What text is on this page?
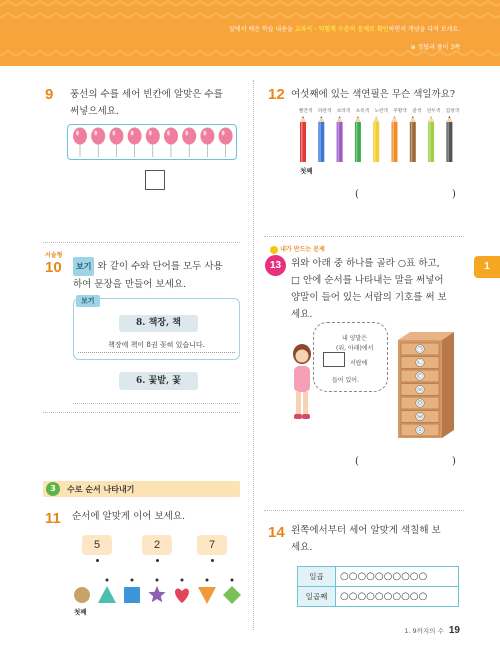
앞에서 배운 학습 내용을 교과서 · 익힘책 수준의 문제로 확인하면서 개념을 다져 보세요.
⊕ 정답과 풀이 3쪽
9 풍선의 수를 세어 빈칸에 알맞은 수를
써넣으세요.
서술형
10	보기 와 같이 수와 단어를 모두 사용
하여 문장을 만들어 보세요.
보기
8. 책장, 책
책장에 책이 8권 꽂혀 있습니다.
6. 꽃밭, 꽃
3	수로 순서 나타내기
11 순서에 알맞게 이어 보세요.
5	2	7
첫째
12 여섯째에 있는 색연필은 무슨 색일까요?
빨간색 파란색 보라색 초록색 노란색 주황색 갈색 연두색 검정색
첫째
(	)
내가 만드는 문제
13	위와 아래 중 하나를 골라 ○표 하고,
□ 안에 순서를 나타내는 말을 써넣어
양말이 들어 있는 서랍의 기호를 써 보
세요.
1
내 양말은
(위, 아래)에서
서랍에
들어 있어.
㉠
㉡
㉢
㉣
㉤
㉥
㉦
(	)
14 왼쪽에서부터 세어 알맞게 색칠해 보
세요.
일곱	○○○○○○○○○○
일곱째	○○○○○○○○○○
1. 9까지의 수 19
